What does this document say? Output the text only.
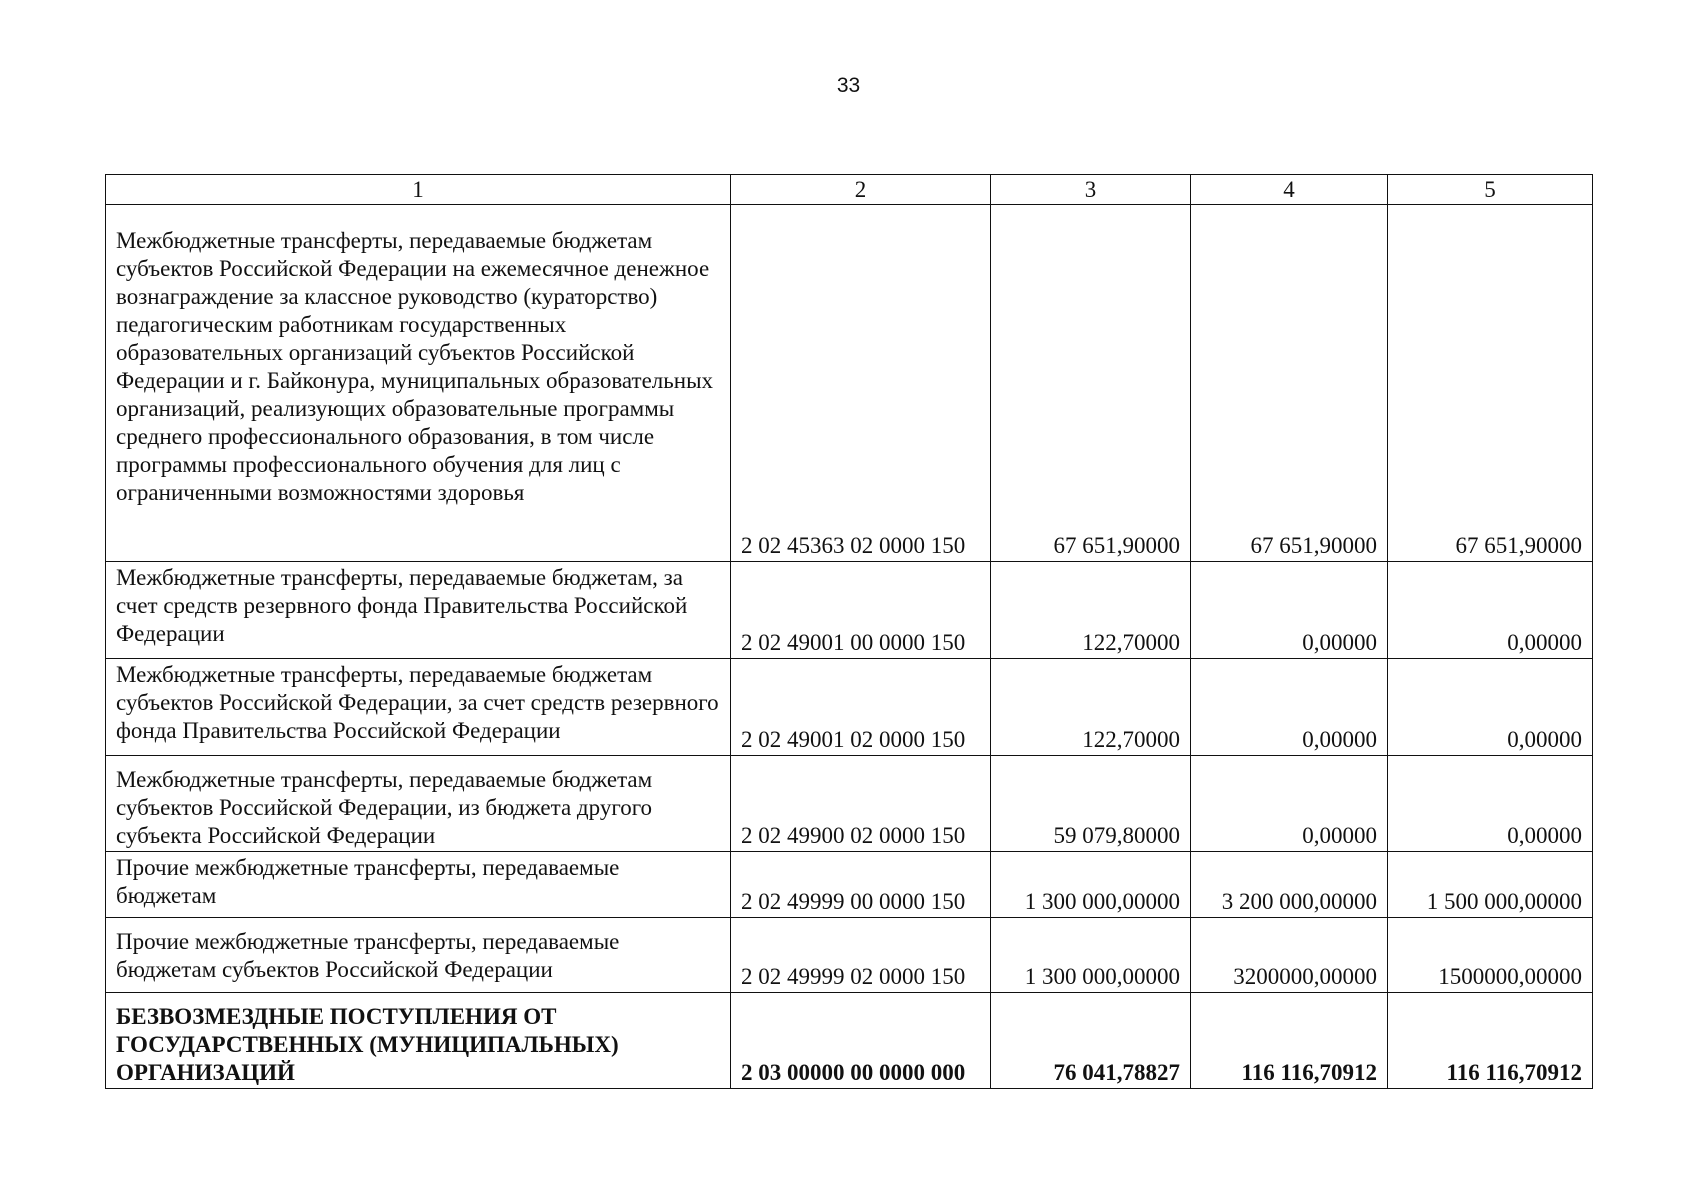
33
1	2	3	4	5
Межбюджетные трансферты, передаваемые бюджетам субъектов Российской Федерации на ежемесячное денежное вознаграждение за классное руководство (кураторство) педагогическим работникам государственных образовательных организаций субъектов Российской Федерации и г. Байконура, муниципальных образовательных организаций, реализующих образовательные программы среднего профессионального образования, в том числе программы профессионального обучения для лиц с ограниченными возможностями здоровья	2 02 45363 02 0000 150	67 651,90000	67 651,90000	67 651,90000
Межбюджетные трансферты, передаваемые бюджетам, за счет средств резервного фонда Правительства Российской Федерации	2 02 49001 00 0000 150	122,70000	0,00000	0,00000
Межбюджетные трансферты, передаваемые бюджетам субъектов Российской Федерации, за счет средств резервного фонда Правительства Российской Федерации	2 02 49001 02 0000 150	122,70000	0,00000	0,00000
Межбюджетные трансферты, передаваемые бюджетам субъектов Российской Федерации, из бюджета другого субъекта Российской Федерации	2 02 49900 02 0000 150	59 079,80000	0,00000	0,00000
Прочие межбюджетные трансферты, передаваемые бюджетам	2 02 49999 00 0000 150	1 300 000,00000	3 200 000,00000	1 500 000,00000
Прочие межбюджетные трансферты, передаваемые бюджетам субъектов Российской Федерации	2 02 49999 02 0000 150	1 300 000,00000	3200000,00000	1500000,00000
БЕЗВОЗМЕЗДНЫЕ ПОСТУПЛЕНИЯ ОТ ГОСУДАРСТВЕННЫХ (МУНИЦИПАЛЬНЫХ) ОРГАНИЗАЦИЙ	2 03 00000 00 0000 000	76 041,78827	116 116,70912	116 116,70912
